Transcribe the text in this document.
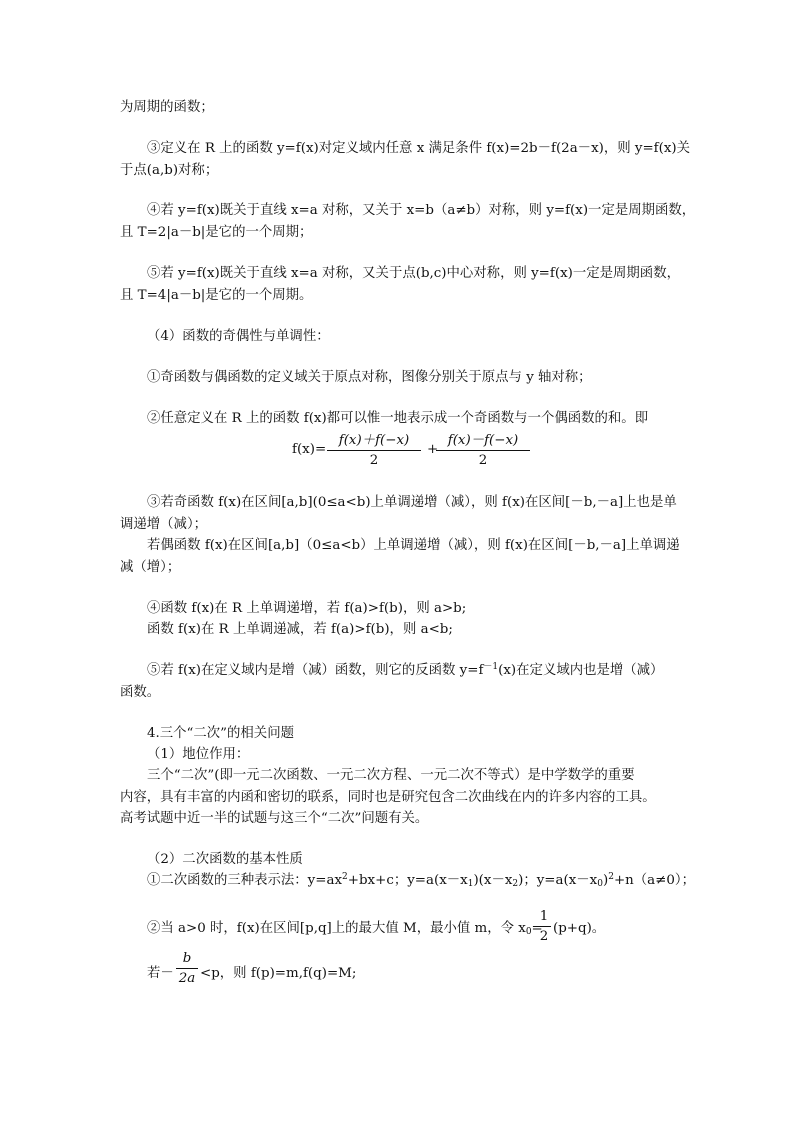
为周期的函数；
③定义在 R 上的函数 y=f(x)对定义域内任意 x 满足条件 f(x)=2b－f(2a－x)，则 y=f(x)关
于点(a,b)对称；
④若 y=f(x)既关于直线 x=a 对称，又关于 x=b（a≠b）对称，则 y=f(x)一定是周期函数，
且 T=2|a－b|是它的一个周期；
⑤若 y=f(x)既关于直线 x=a 对称，又关于点(b,c)中心对称，则 y=f(x)一定是周期函数，
且 T=4|a－b|是它的一个周期。
（4）函数的奇偶性与单调性：
①奇函数与偶函数的定义域关于原点对称，图像分别关于原点与 y 轴对称；
②任意定义在 R 上的函数 f(x)都可以惟一地表示成一个奇函数与一个偶函数的和。即
$f(x)= \frac{f(x)+f(-x)}{2}$ +
$\frac{f(x)-f(-x)}{2}$
③若奇函数 f(x)在区间[a,b](0≤a<b)上单调递增（减），则 f(x)在区间[－b,－a]上也是单
调递增（减）；
若偶函数 f(x)在区间[a,b]（0≤a<b）上单调递增（减），则 f(x)在区间[－b,－a]上单调递
减（增）；
④函数 f(x)在 R 上单调递增，若 f(a)>f(b)，则 a>b;
函数 f(x)在 R 上单调递减，若 f(a)>f(b)，则 a<b;
⑤若 f(x)在定义域内是增（减）函数，则它的反函数 $y=f^{-1}(x)$在定义域内也是增（减）
函数。
4.三个“二次”的相关问题
（1）地位作用：
三个“二次”(即一元二次函数、一元二次方程、一元二次不等式）是中学数学的重要
内容，具有丰富的内函和密切的联系，同时也是研究包含二次曲线在内的许多内容的工具。
高考试题中近一半的试题与这三个“二次”问题有关。
（2）二次函数的基本性质
①二次函数的三种表示法：$y=ax^2+bx+c$；$y=a(x-x_1)(x-x_2)$；$y=a(x-x_0)^2+n(a\ne 0)$；
②当 a>0 时，f(x)在区间[p,q]上的最大值 M，最小值 m，令 $x_0=$
$\frac{1}{2} (p+q)$。
若－ $\frac{b}{2a} <p$，则 f(p)=m,f(q)=M;
